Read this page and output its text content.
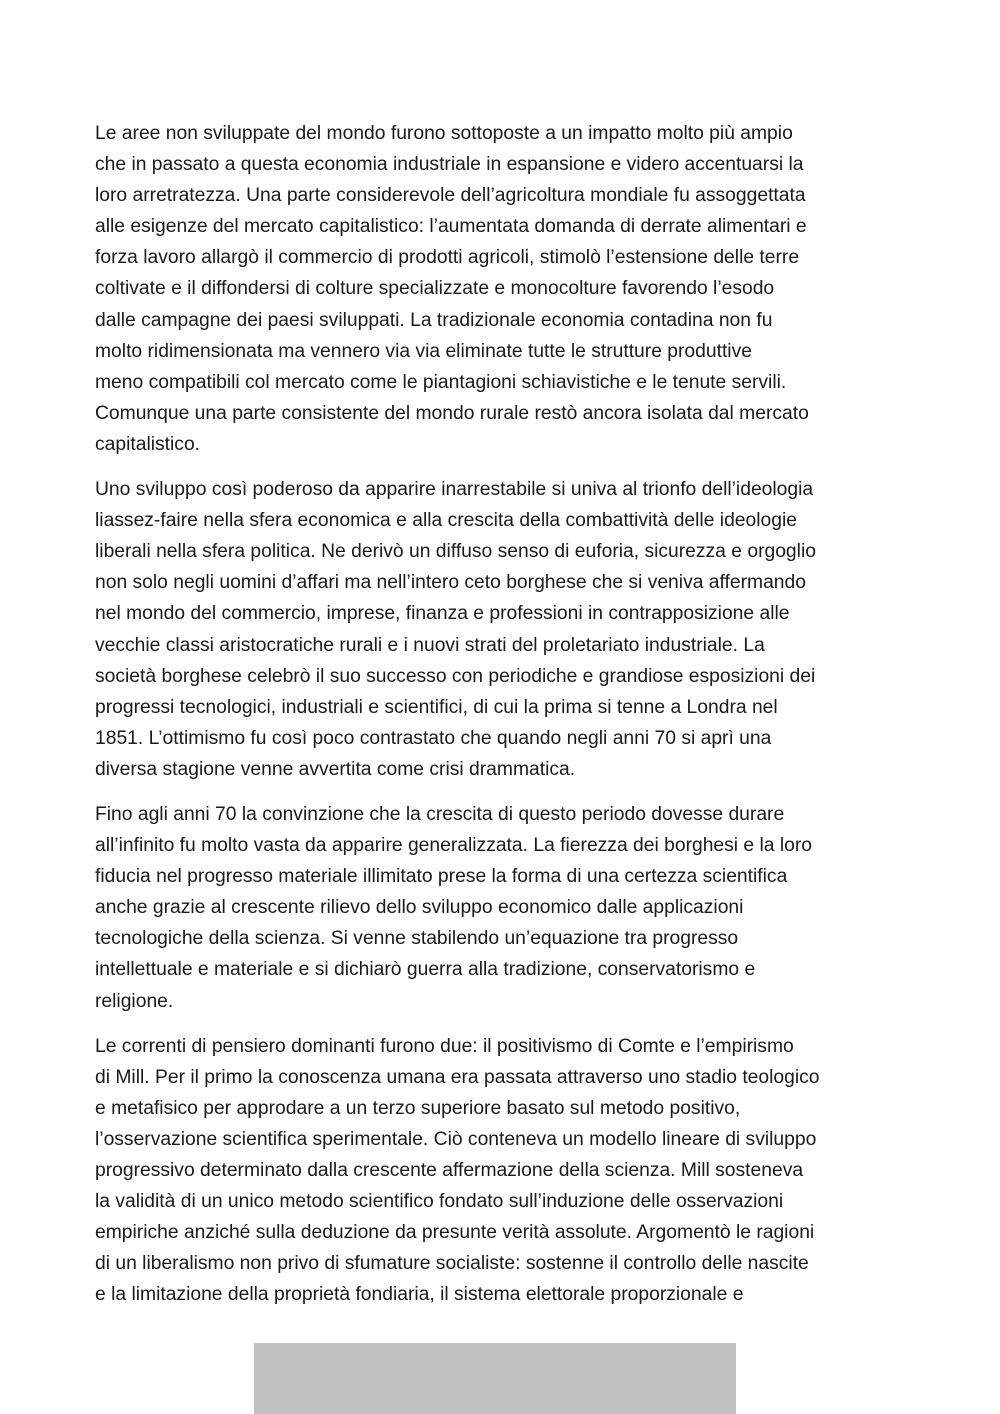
Le aree non sviluppate del mondo furono sottoposte a un impatto molto più ampio
che in passato a questa economia industriale in espansione e videro accentuarsi la
loro arretratezza. Una parte considerevole dell’agricoltura mondiale fu assoggettata
alle esigenze del mercato capitalistico: l’aumentata domanda di derrate alimentari e
forza lavoro allargò il commercio di prodotti agricoli, stimolò l’estensione delle terre
coltivate e il diffondersi di colture specializzate e monocolture favorendo l’esodo
dalle campagne dei paesi sviluppati. La tradizionale economia contadina non fu
molto ridimensionata ma vennero via via eliminate tutte le strutture produttive
meno compatibili col mercato come le piantagioni schiavistiche e le tenute servili.
Comunque una parte consistente del mondo rurale restò ancora isolata dal mercato
capitalistico.

Uno sviluppo così poderoso da apparire inarrestabile si univa al trionfo dell’ideologia
liassez-faire nella sfera economica e alla crescita della combattività delle ideologie
liberali nella sfera politica. Ne derivò un diffuso senso di euforia, sicurezza e orgoglio
non solo negli uomini d’affari ma nell’intero ceto borghese che si veniva affermando
nel mondo del commercio, imprese, finanza e professioni in contrapposizione alle
vecchie classi aristocratiche rurali e i nuovi strati del proletariato industriale. La
società borghese celebrò il suo successo con periodiche e grandiose esposizioni dei
progressi tecnologici, industriali e scientifici, di cui la prima si tenne a Londra nel
1851. L’ottimismo fu così poco contrastato che quando negli anni 70 si aprì una
diversa stagione venne avvertita come crisi drammatica.

Fino agli anni 70 la convinzione che la crescita di questo periodo dovesse durare
all’infinito fu molto vasta da apparire generalizzata. La fierezza dei borghesi e la loro
fiducia nel progresso materiale illimitato prese la forma di una certezza scientifica
anche grazie al crescente rilievo dello sviluppo economico dalle applicazioni
tecnologiche della scienza. Si venne stabilendo un’equazione tra progresso
intellettuale e materiale e si dichiarò guerra alla tradizione, conservatorismo e
religione.

Le correnti di pensiero dominanti furono due: il positivismo di Comte e l’empirismo
di Mill. Per il primo la conoscenza umana era passata attraverso uno stadio teologico
e metafisico per approdare a un terzo superiore basato sul metodo positivo,
l’osservazione scientifica sperimentale. Ciò conteneva un modello lineare di sviluppo
progressivo determinato dalla crescente affermazione della scienza. Mill sosteneva
la validità di un unico metodo scientifico fondato sull’induzione delle osservazioni
empiriche anziché sulla deduzione da presunte verità assolute. Argomentò le ragioni
di un liberalismo non privo di sfumature socialiste: sostenne il controllo delle nascite
e la limitazione della proprietà fondiaria, il sistema elettorale proporzionale e
